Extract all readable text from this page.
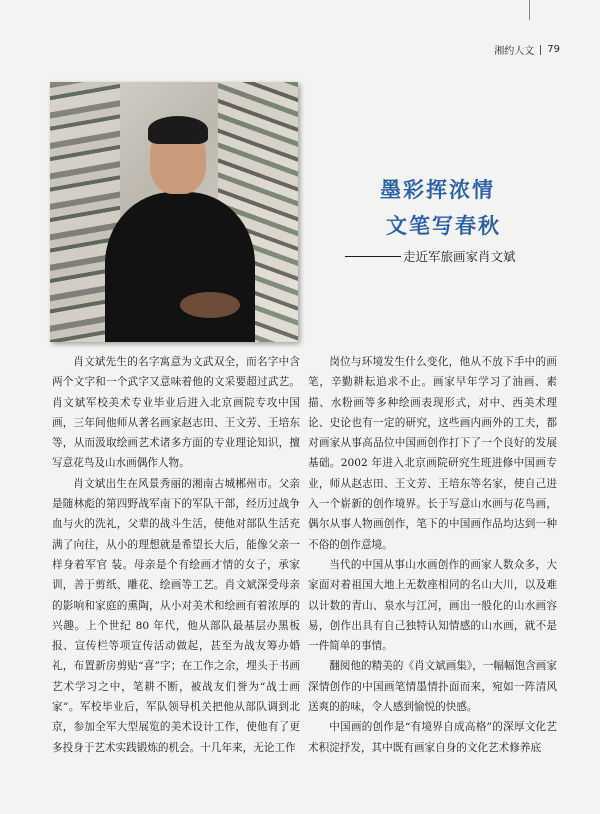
湘约人文 79
墨彩挥浓情
文笔写春秋
走近军旅画家肖文斌

肖文斌先生的名字寓意为文武双全，而名字中含两个文字和一个武字又意味着他的文采要超过武艺。肖文斌军校美术专业毕业后进入北京画院专攻中国画，三年间他师从著名画家赵志田、王文芳、王培东等，从而汲取绘画艺术诸多方面的专业理论知识，擅写意花鸟及山水画偶作人物。

肖文斌出生在风景秀丽的湘南古城郴州市。父亲是随林彪的第四野战军南下的军队干部，经历过战争血与火的洗礼，父辈的战斗生活，使他对部队生活充满了向往，从小的理想就是希望长大后，能像父亲一样身着军官 装。母亲是个有绘画才情的女子，承家训，善于剪纸、雕花、绘画等工艺。肖文斌深受母亲的影响和家庭的熏陶，从小对美术和绘画有着浓厚的兴趣。上个世纪 80 年代，他从部队最基层办黑板报、宣传栏等项宣传活动做起，甚至为战友筹办婚礼，布置新房剪贴“喜”字；在工作之余，埋头于书画艺术学习之中，笔耕不断，被战友们誉为“战士画家”。军校毕业后，军队领导机关把他从部队调到北京，参加全军大型展览的美术设计工作，使他有了更多投身于艺术实践锻炼的机会。十几年来，无论工作

岗位与环境发生什么变化，他从不放下手中的画笔，辛勤耕耘追求不止。画家早年学习了油画、素描、水粉画等多种绘画表现形式，对中、西美术理论、史论也有一定的研究，这些画内画外的工夫，都对画家从事高品位中国画创作打下了一个良好的发展基础。2002 年进入北京画院研究生班进修中国画专业，师从赵志田、王文芳、王培东等名家，使自己进入一个崭新的创作境界。长于写意山水画与花鸟画，偶尔从事人物画创作，笔下的中国画作品均达到一种不俗的创作意境。

当代的中国从事山水画创作的画家人数众多，大家面对着祖国大地上无数座相同的名山大川，以及难以计数的青山、泉水与江河，画出一般化的山水画容易，创作出具有自己独特认知情感的山水画，就不是一件简单的事情。

翻阅他的精美的《肖文斌画集》，一幅幅饱含画家深情创作的中国画笔情墨情扑面而来，宛如一阵清风送爽的韵味，令人感到愉悦的快感。

中国画的创作是“有境界自成高格”的深厚文化艺术积淀抒发，其中既有画家自身的文化艺术修养底
